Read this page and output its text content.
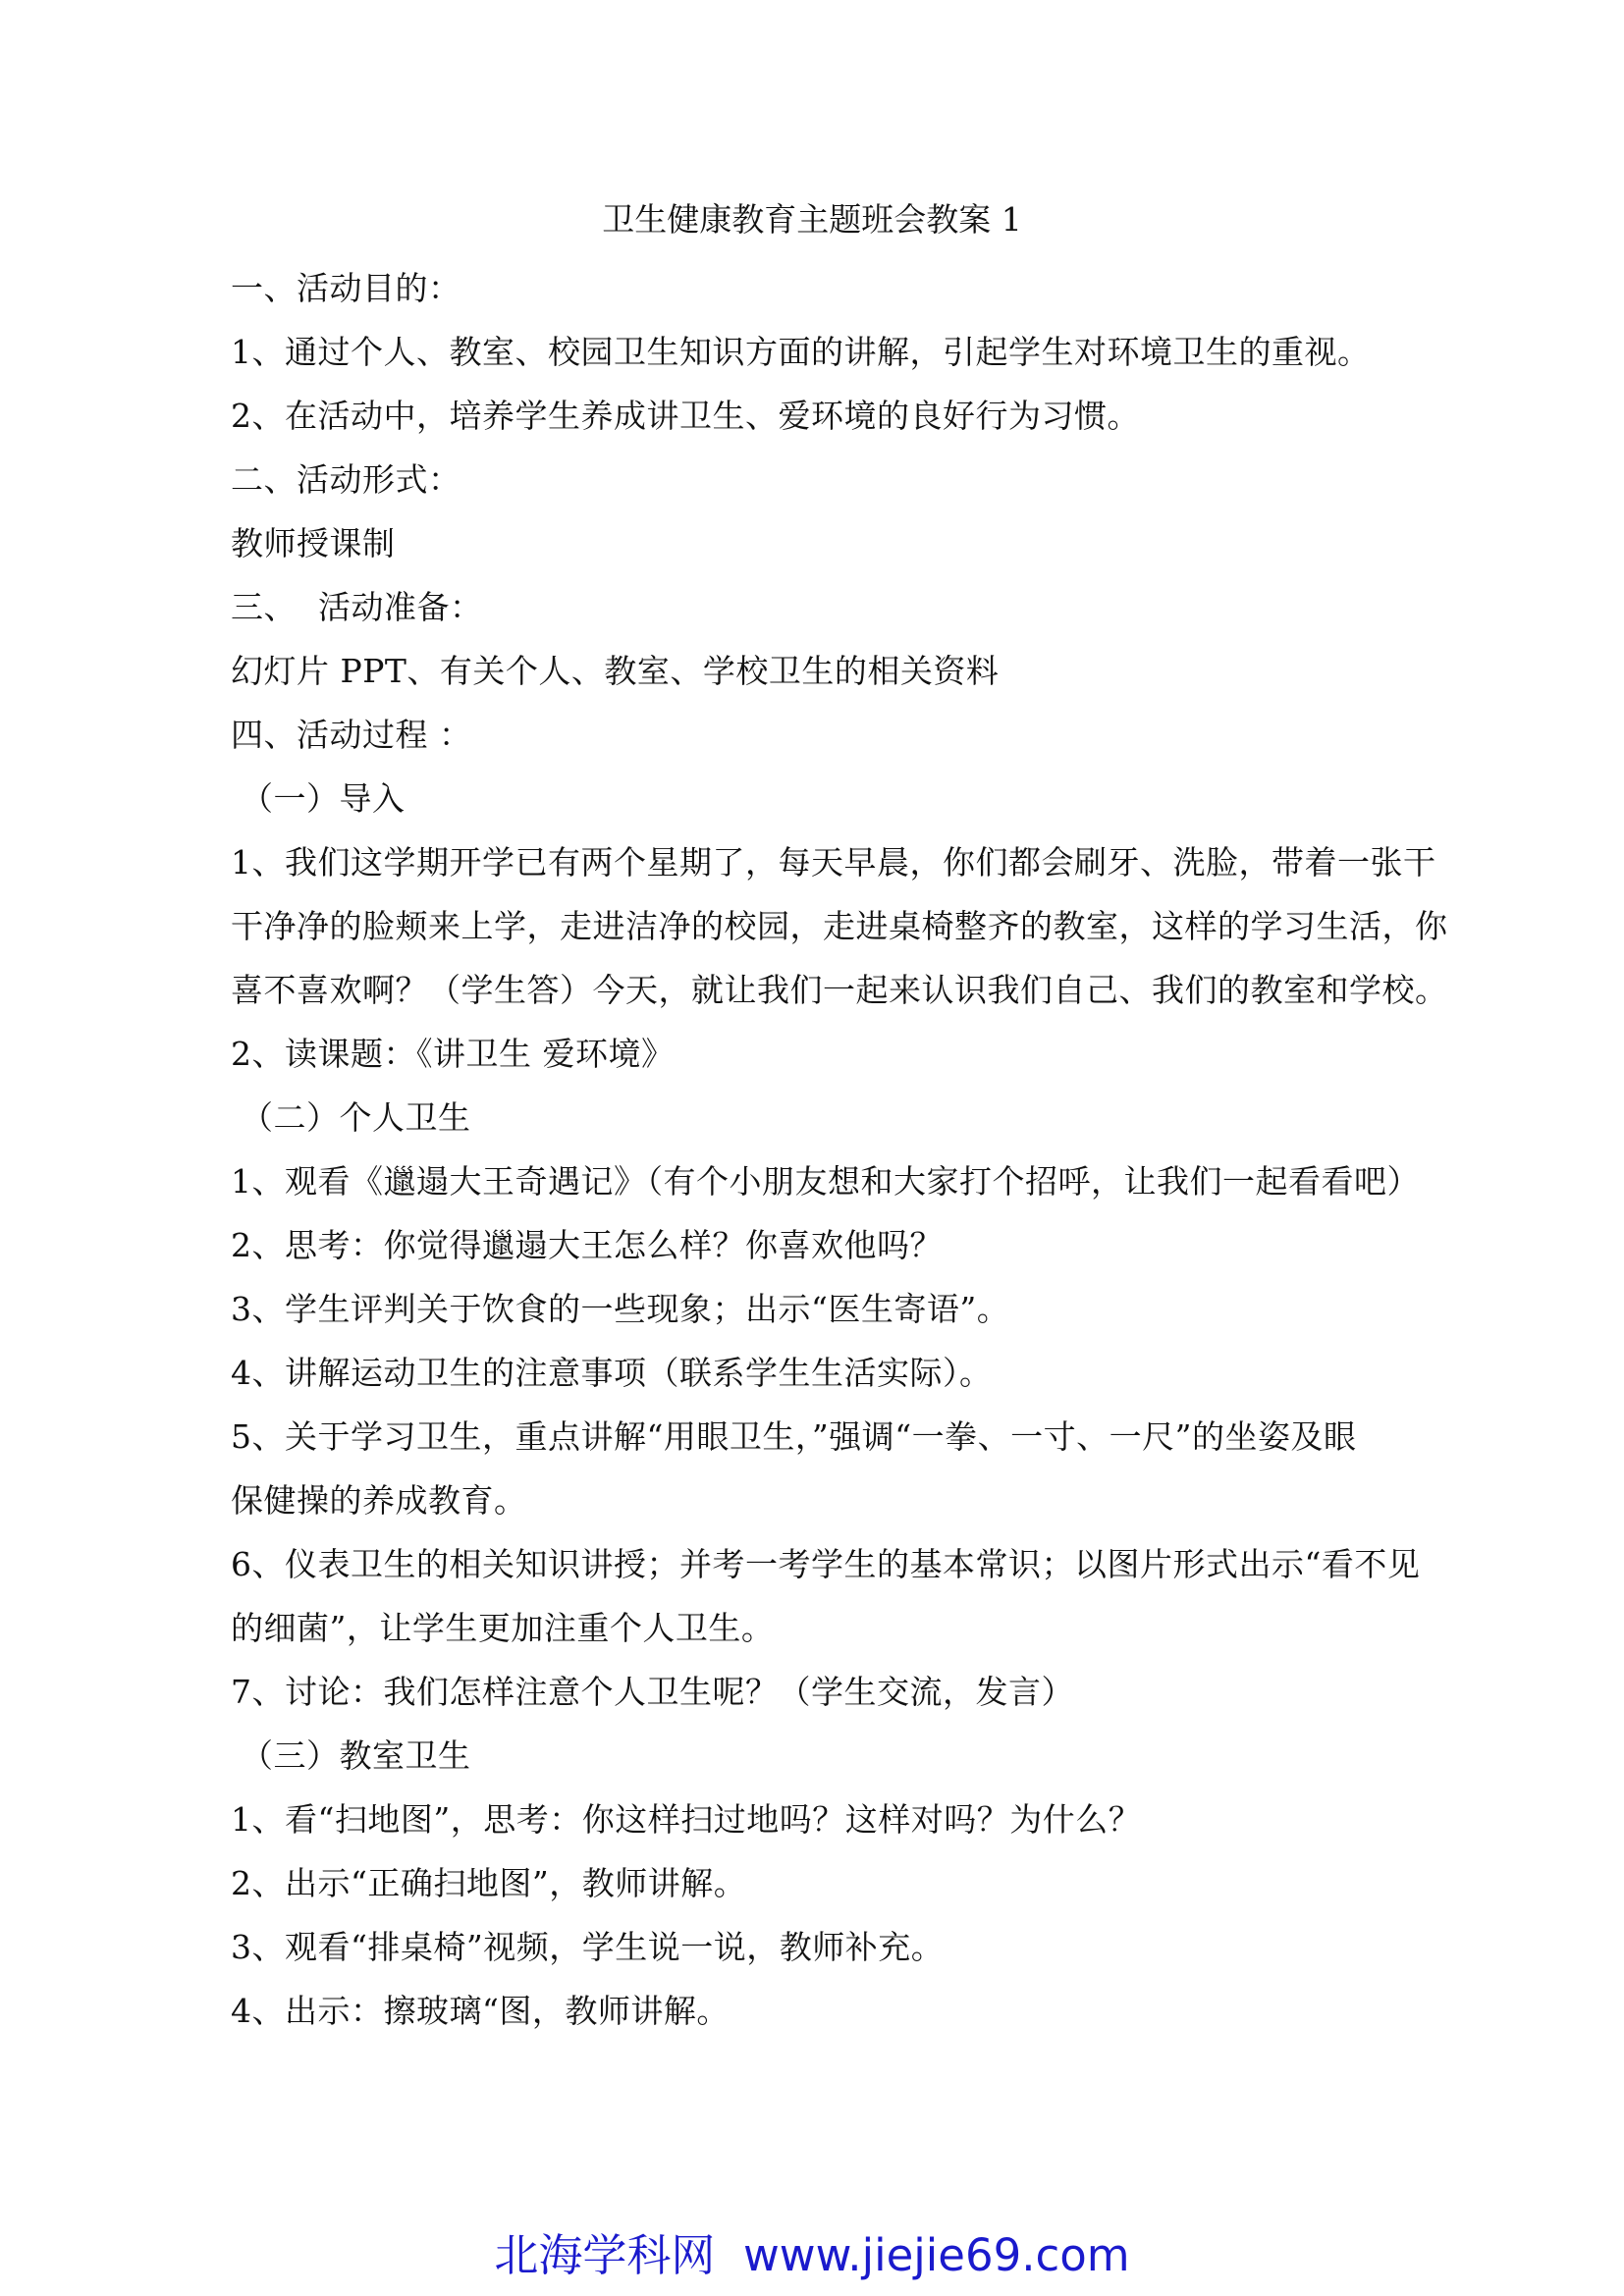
卫生健康教育主题班会教案 1
一、活动目的：
1、通过个人、教室、校园卫生知识方面的讲解，引起学生对环境卫生的重视。
2、在活动中，培养学生养成讲卫生、爱环境的良好行为习惯。
二、活动形式：
教师授课制
三、  活动准备：
幻灯片 PPT、有关个人、教室、学校卫生的相关资料
四、活动过程 ：
（一）导入
1、我们这学期开学已有两个星期了，每天早晨，你们都会刷牙、洗脸，带着一张干
干净净的脸颊来上学，走进洁净的校园，走进桌椅整齐的教室，这样的学习生活，你
喜不喜欢啊？（学生答）今天，就让我们一起来认识我们自己、我们的教室和学校。
2、读课题：《讲卫生 爱环境》
（二）个人卫生
1、观看《邋遢大王奇遇记》（有个小朋友想和大家打个招呼，让我们一起看看吧）
2、思考：你觉得邋遢大王怎么样？你喜欢他吗？
3、学生评判关于饮食的一些现象；出示“医生寄语”。
4、讲解运动卫生的注意事项（联系学生生活实际）。
5、关于学习卫生，重点讲解“用眼卫生，”强调“一拳、一寸、一尺”的坐姿及眼
保健操的养成教育。
6、仪表卫生的相关知识讲授；并考一考学生的基本常识；以图片形式出示“看不见
的细菌”，让学生更加注重个人卫生。
7、讨论：我们怎样注意个人卫生呢？（学生交流，发言）
（三）教室卫生
1、看“扫地图”，思考：你这样扫过地吗？这样对吗？为什么？
2、出示“正确扫地图”，教师讲解。
3、观看“排桌椅”视频，学生说一说，教师补充。
4、出示：擦玻璃“图，教师讲解。
北海学科网  www.jiejie69.com
